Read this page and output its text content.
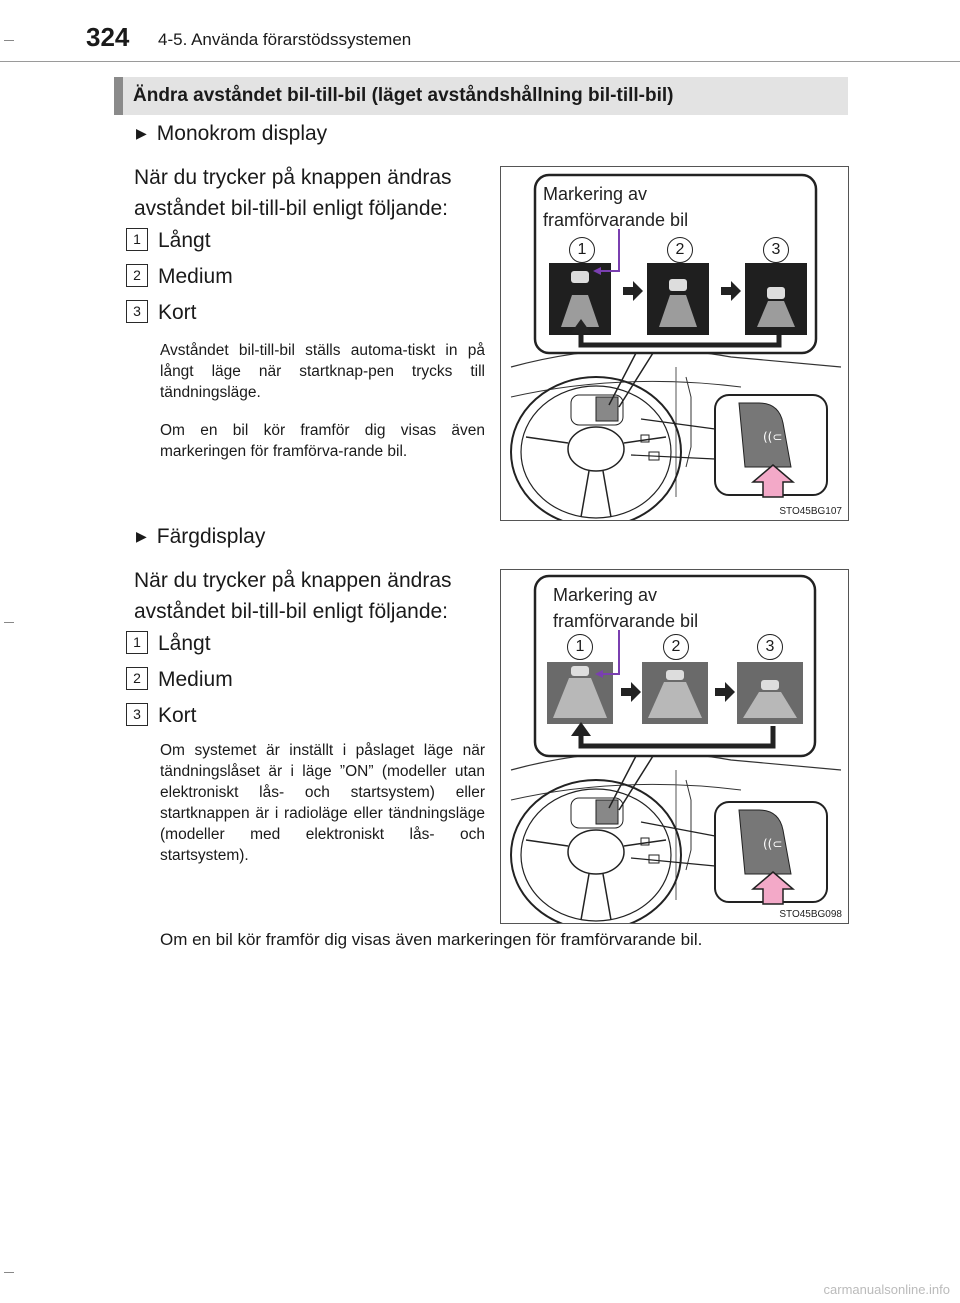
324 4-5. Använda förarstödssystemen
Ändra avståndet bil-till-bil (läget avståndshållning bil-till-bil)
▶ Monokrom display
När du trycker på knappen ändras avståndet bil-till-bil enligt följande:
1 Långt
2 Medium
3 Kort
Avståndet bil-till-bil ställs automa-tiskt in på långt läge när startknap-pen trycks till tändningsläge.
Om en bil kör framför dig visas även markeringen för framförva-rande bil.
((⊂
Markering av framförvarande bil
1	2	3
STO45BG107
▶ Färgdisplay
När du trycker på knappen ändras avståndet bil-till-bil enligt följande:
1 Långt
2 Medium
3 Kort
Om systemet är inställt i påslaget läge när tändningslåset är i läge ”ON” (modeller utan elektroniskt lås- och startsystem) eller startknappen är i radioläge eller tändningsläge (modeller med elektroniskt lås- och startsystem).
Om en bil kör framför dig visas även markeringen för framförvarande bil.
((⊂
Markering av framförvarande bil
1	2	3
STO45BG098
carmanualsonline.info
